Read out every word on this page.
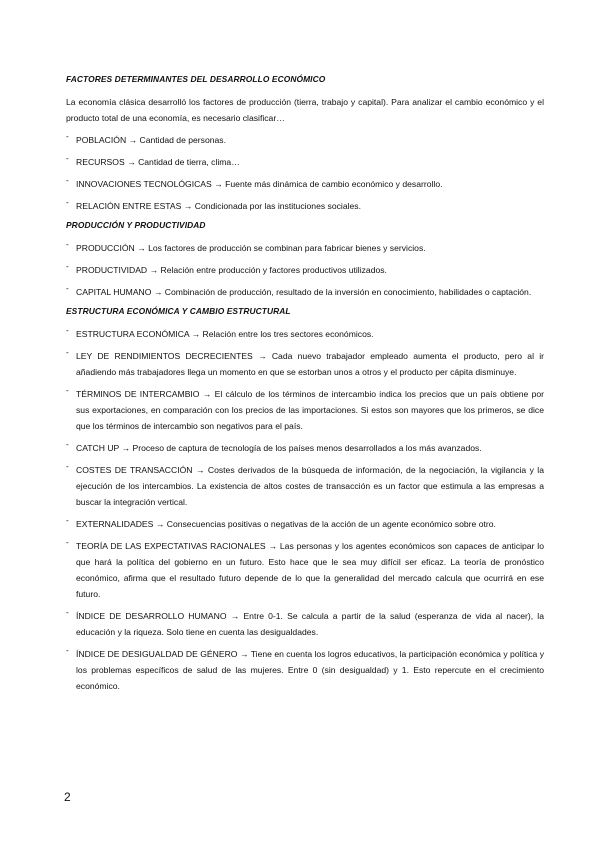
FACTORES DETERMINANTES DEL DESARROLLO ECONÓMICO

La economía clásica desarrolló los factores de producción (tierra, trabajo y capital). Para analizar el cambio económico y el producto total de una economía, es necesario clasificar…

- POBLACIÓN → Cantidad de personas.
- RECURSOS → Cantidad de tierra, clima…
- INNOVACIONES TECNOLÓGICAS → Fuente más dinámica de cambio económico y desarrollo.
- RELACIÓN ENTRE ESTAS → Condicionada por las instituciones sociales.
PRODUCCIÓN Y PRODUCTIVIDAD
- PRODUCCIÓN → Los factores de producción se combinan para fabricar bienes y servicios.
- PRODUCTIVIDAD → Relación entre producción y factores productivos utilizados.
- CAPITAL HUMANO → Combinación de producción, resultado de la inversión en conocimiento, habilidades o captación.
ESTRUCTURA ECONÓMICA Y CAMBIO ESTRUCTURAL
- ESTRUCTURA ECONÓMICA → Relación entre los tres sectores económicos.
- LEY DE RENDIMIENTOS DECRECIENTES → Cada nuevo trabajador empleado aumenta el producto, pero al ir añadiendo más trabajadores llega un momento en que se estorban unos a otros y el producto per cápita disminuye.
- TÉRMINOS DE INTERCAMBIO → El cálculo de los términos de intercambio indica los precios que un país obtiene por sus exportaciones, en comparación con los precios de las importaciones. Si estos son mayores que los primeros, se dice que los términos de intercambio son negativos para el país.
- CATCH UP → Proceso de captura de tecnología de los países menos desarrollados a los más avanzados.
- COSTES DE TRANSACCIÓN → Costes derivados de la búsqueda de información, de la negociación, la vigilancia y la ejecución de los intercambios. La existencia de altos costes de transacción es un factor que estimula a las empresas a buscar la integración vertical.
- EXTERNALIDADES → Consecuencias positivas o negativas de la acción de un agente económico sobre otro.
- TEORÍA DE LAS EXPECTATIVAS RACIONALES → Las personas y los agentes económicos son capaces de anticipar lo que hará la política del gobierno en un futuro. Esto hace que le sea muy difícil ser eficaz. La teoría de pronóstico económico, afirma que el resultado futuro depende de lo que la generalidad del mercado calcula que ocurrirá en ese futuro.
- ÍNDICE DE DESARROLLO HUMANO → Entre 0-1. Se calcula a partir de la salud (esperanza de vida al nacer), la educación y la riqueza. Solo tiene en cuenta las desigualdades.
- ÍNDICE DE DESIGUALDAD DE GÉNERO → Tiene en cuenta los logros educativos, la participación económica y política y los problemas específicos de salud de las mujeres. Entre 0 (sin desigualdad) y 1. Esto repercute en el crecimiento económico.
2
